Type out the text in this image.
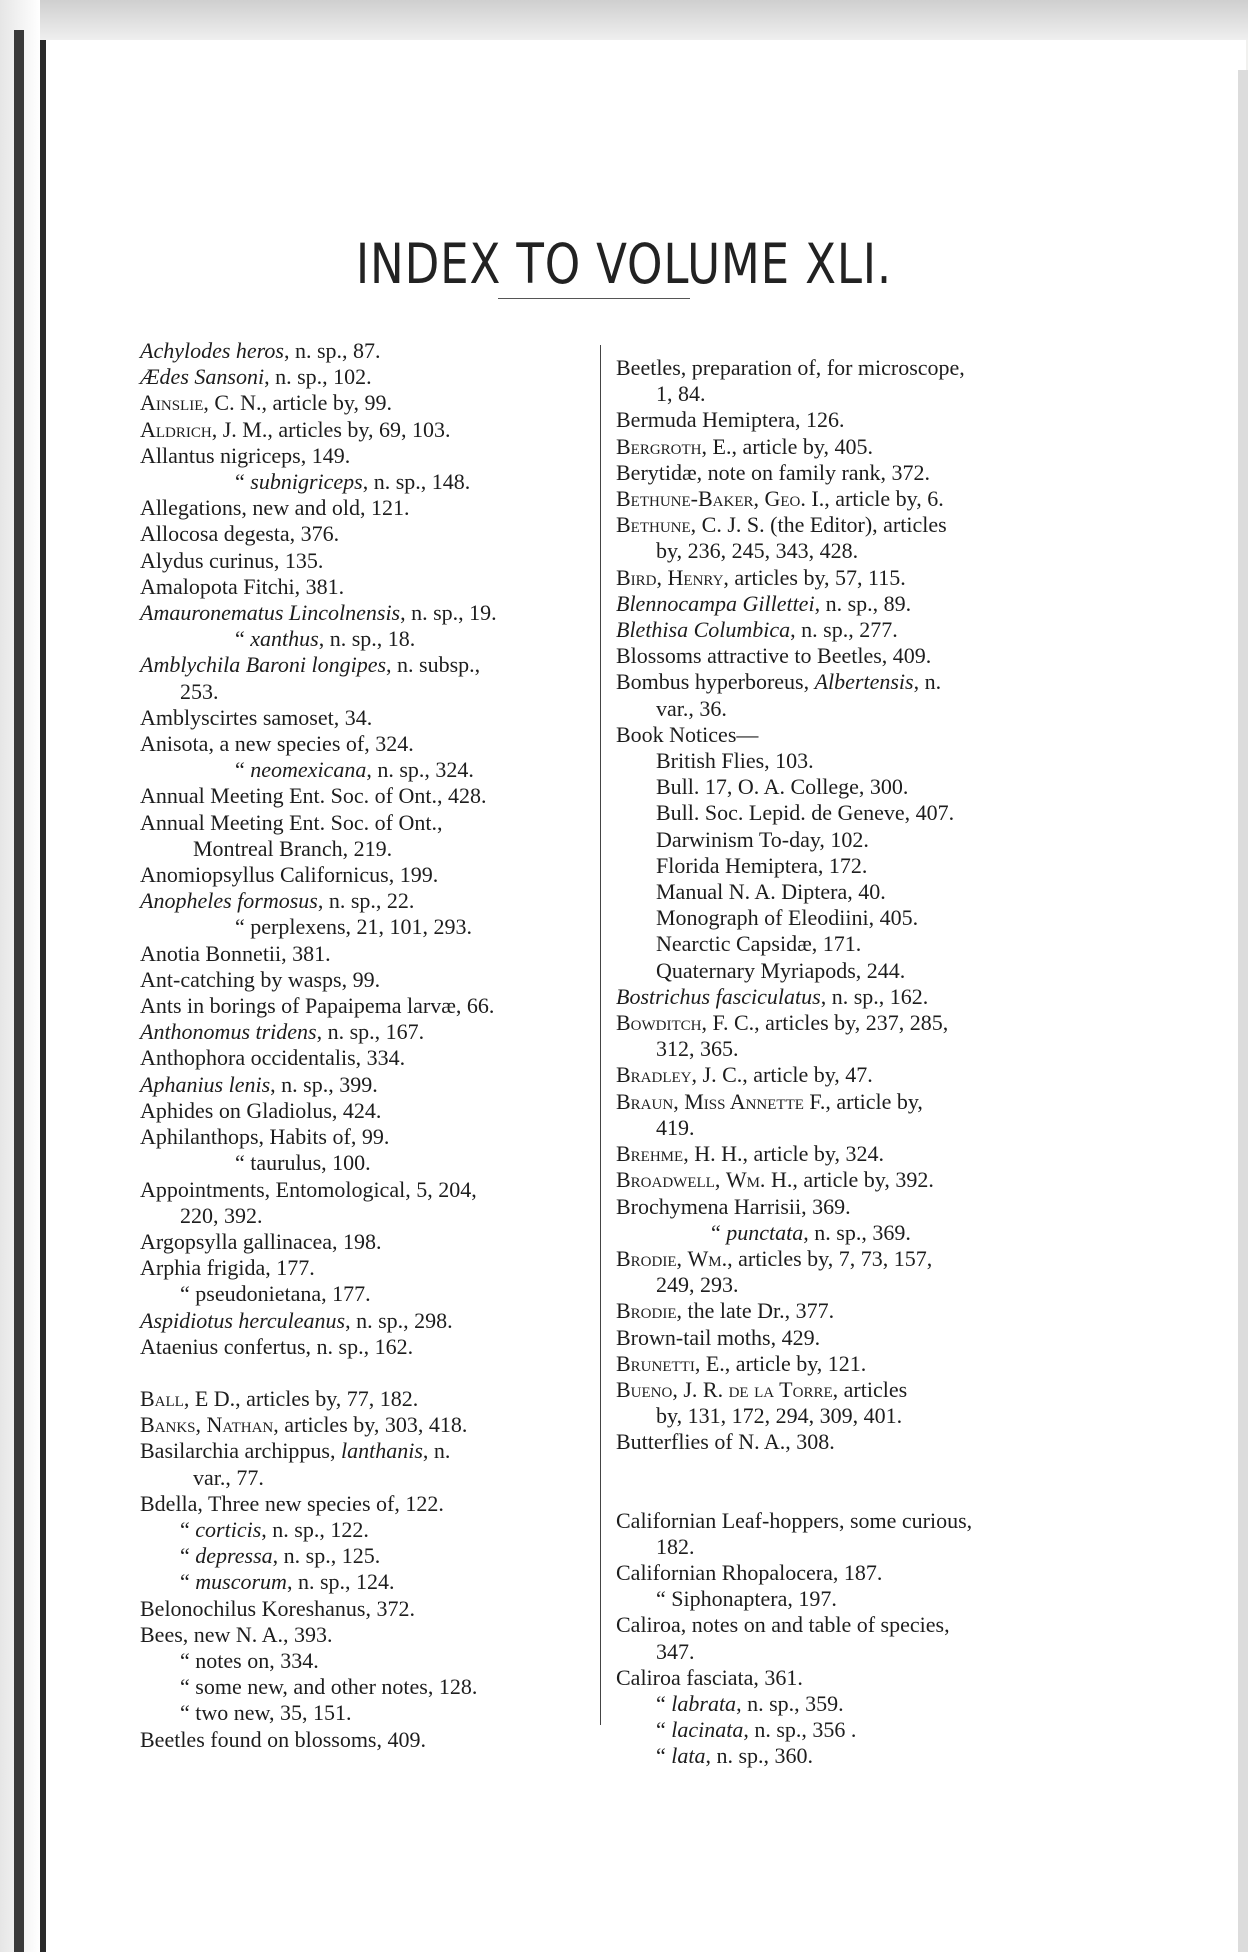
INDEX TO VOLUME XLI.
Achylodes heros, n. sp., 87.
Ædes Sansoni, n. sp., 102.
Ainslie, C. N., article by, 99.
Aldrich, J. M., articles by, 69, 103.
Allantus nigriceps, 149.
“ subnigriceps, n. sp., 148.
Allegations, new and old, 121.
Allocosa degesta, 376.
Alydus curinus, 135.
Amalopota Fitchi, 381.
Amauronematus Lincolnensis, n. sp., 19.
“ xanthus, n. sp., 18.
Amblychila Baroni longipes, n. subsp.,
253.
Amblyscirtes samoset, 34.
Anisota, a new species of, 324.
“ neomexicana, n. sp., 324.
Annual Meeting Ent. Soc. of Ont., 428.
Annual Meeting Ent. Soc. of Ont.,
Montreal Branch, 219.
Anomiopsyllus Californicus, 199.
Anopheles formosus, n. sp., 22.
“ perplexens, 21, 101, 293.
Anotia Bonnetii, 381.
Ant-catching by wasps, 99.
Ants in borings of Papaipema larvæ, 66.
Anthonomus tridens, n. sp., 167.
Anthophora occidentalis, 334.
Aphanius lenis, n. sp., 399.
Aphides on Gladiolus, 424.
Aphilanthops, Habits of, 99.
“ taurulus, 100.
Appointments, Entomological, 5, 204,
220, 392.
Argopsylla gallinacea, 198.
Arphia frigida, 177.
“ pseudonietana, 177.
Aspidiotus herculeanus, n. sp., 298.
Ataenius confertus, n. sp., 162.
Ball, E D., articles by, 77, 182.
Banks, Nathan, articles by, 303, 418.
Basilarchia archippus, lanthanis, n.
var., 77.
Bdella, Three new species of, 122.
“ corticis, n. sp., 122.
“ depressa, n. sp., 125.
“ muscorum, n. sp., 124.
Belonochilus Koreshanus, 372.
Bees, new N. A., 393.
“ notes on, 334.
“ some new, and other notes, 128.
“ two new, 35, 151.
Beetles found on blossoms, 409.
Beetles, preparation of, for microscope,
1, 84.
Bermuda Hemiptera, 126.
Bergroth, E., article by, 405.
Berytidæ, note on family rank, 372.
Bethune-Baker, Geo. I., article by, 6.
Bethune, C. J. S. (the Editor), articles
by, 236, 245, 343, 428.
Bird, Henry, articles by, 57, 115.
Blennocampa Gillettei, n. sp., 89.
Blethisa Columbica, n. sp., 277.
Blossoms attractive to Beetles, 409.
Bombus hyperboreus, Albertensis, n.
var., 36.
Book Notices—
British Flies, 103.
Bull. 17, O. A. College, 300.
Bull. Soc. Lepid. de Geneve, 407.
Darwinism To-day, 102.
Florida Hemiptera, 172.
Manual N. A. Diptera, 40.
Monograph of Eleodiini, 405.
Nearctic Capsidæ, 171.
Quaternary Myriapods, 244.
Bostrichus fasciculatus, n. sp., 162.
Bowditch, F. C., articles by, 237, 285,
312, 365.
Bradley, J. C., article by, 47.
Braun, Miss Annette F., article by,
419.
Brehme, H. H., article by, 324.
Broadwell, Wm. H., article by, 392.
Brochymena Harrisii, 369.
“ punctata, n. sp., 369.
Brodie, Wm., articles by, 7, 73, 157,
249, 293.
Brodie, the late Dr., 377.
Brown-tail moths, 429.
Brunetti, E., article by, 121.
Bueno, J. R. de la Torre, articles
by, 131, 172, 294, 309, 401.
Butterflies of N. A., 308.
Californian Leaf-hoppers, some curious,
182.
Californian Rhopalocera, 187.
“ Siphonaptera, 197.
Caliroa, notes on and table of species,
347.
Caliroa fasciata, 361.
“ labrata, n. sp., 359.
“ lacinata, n. sp., 356 .
“ lata, n. sp., 360.
